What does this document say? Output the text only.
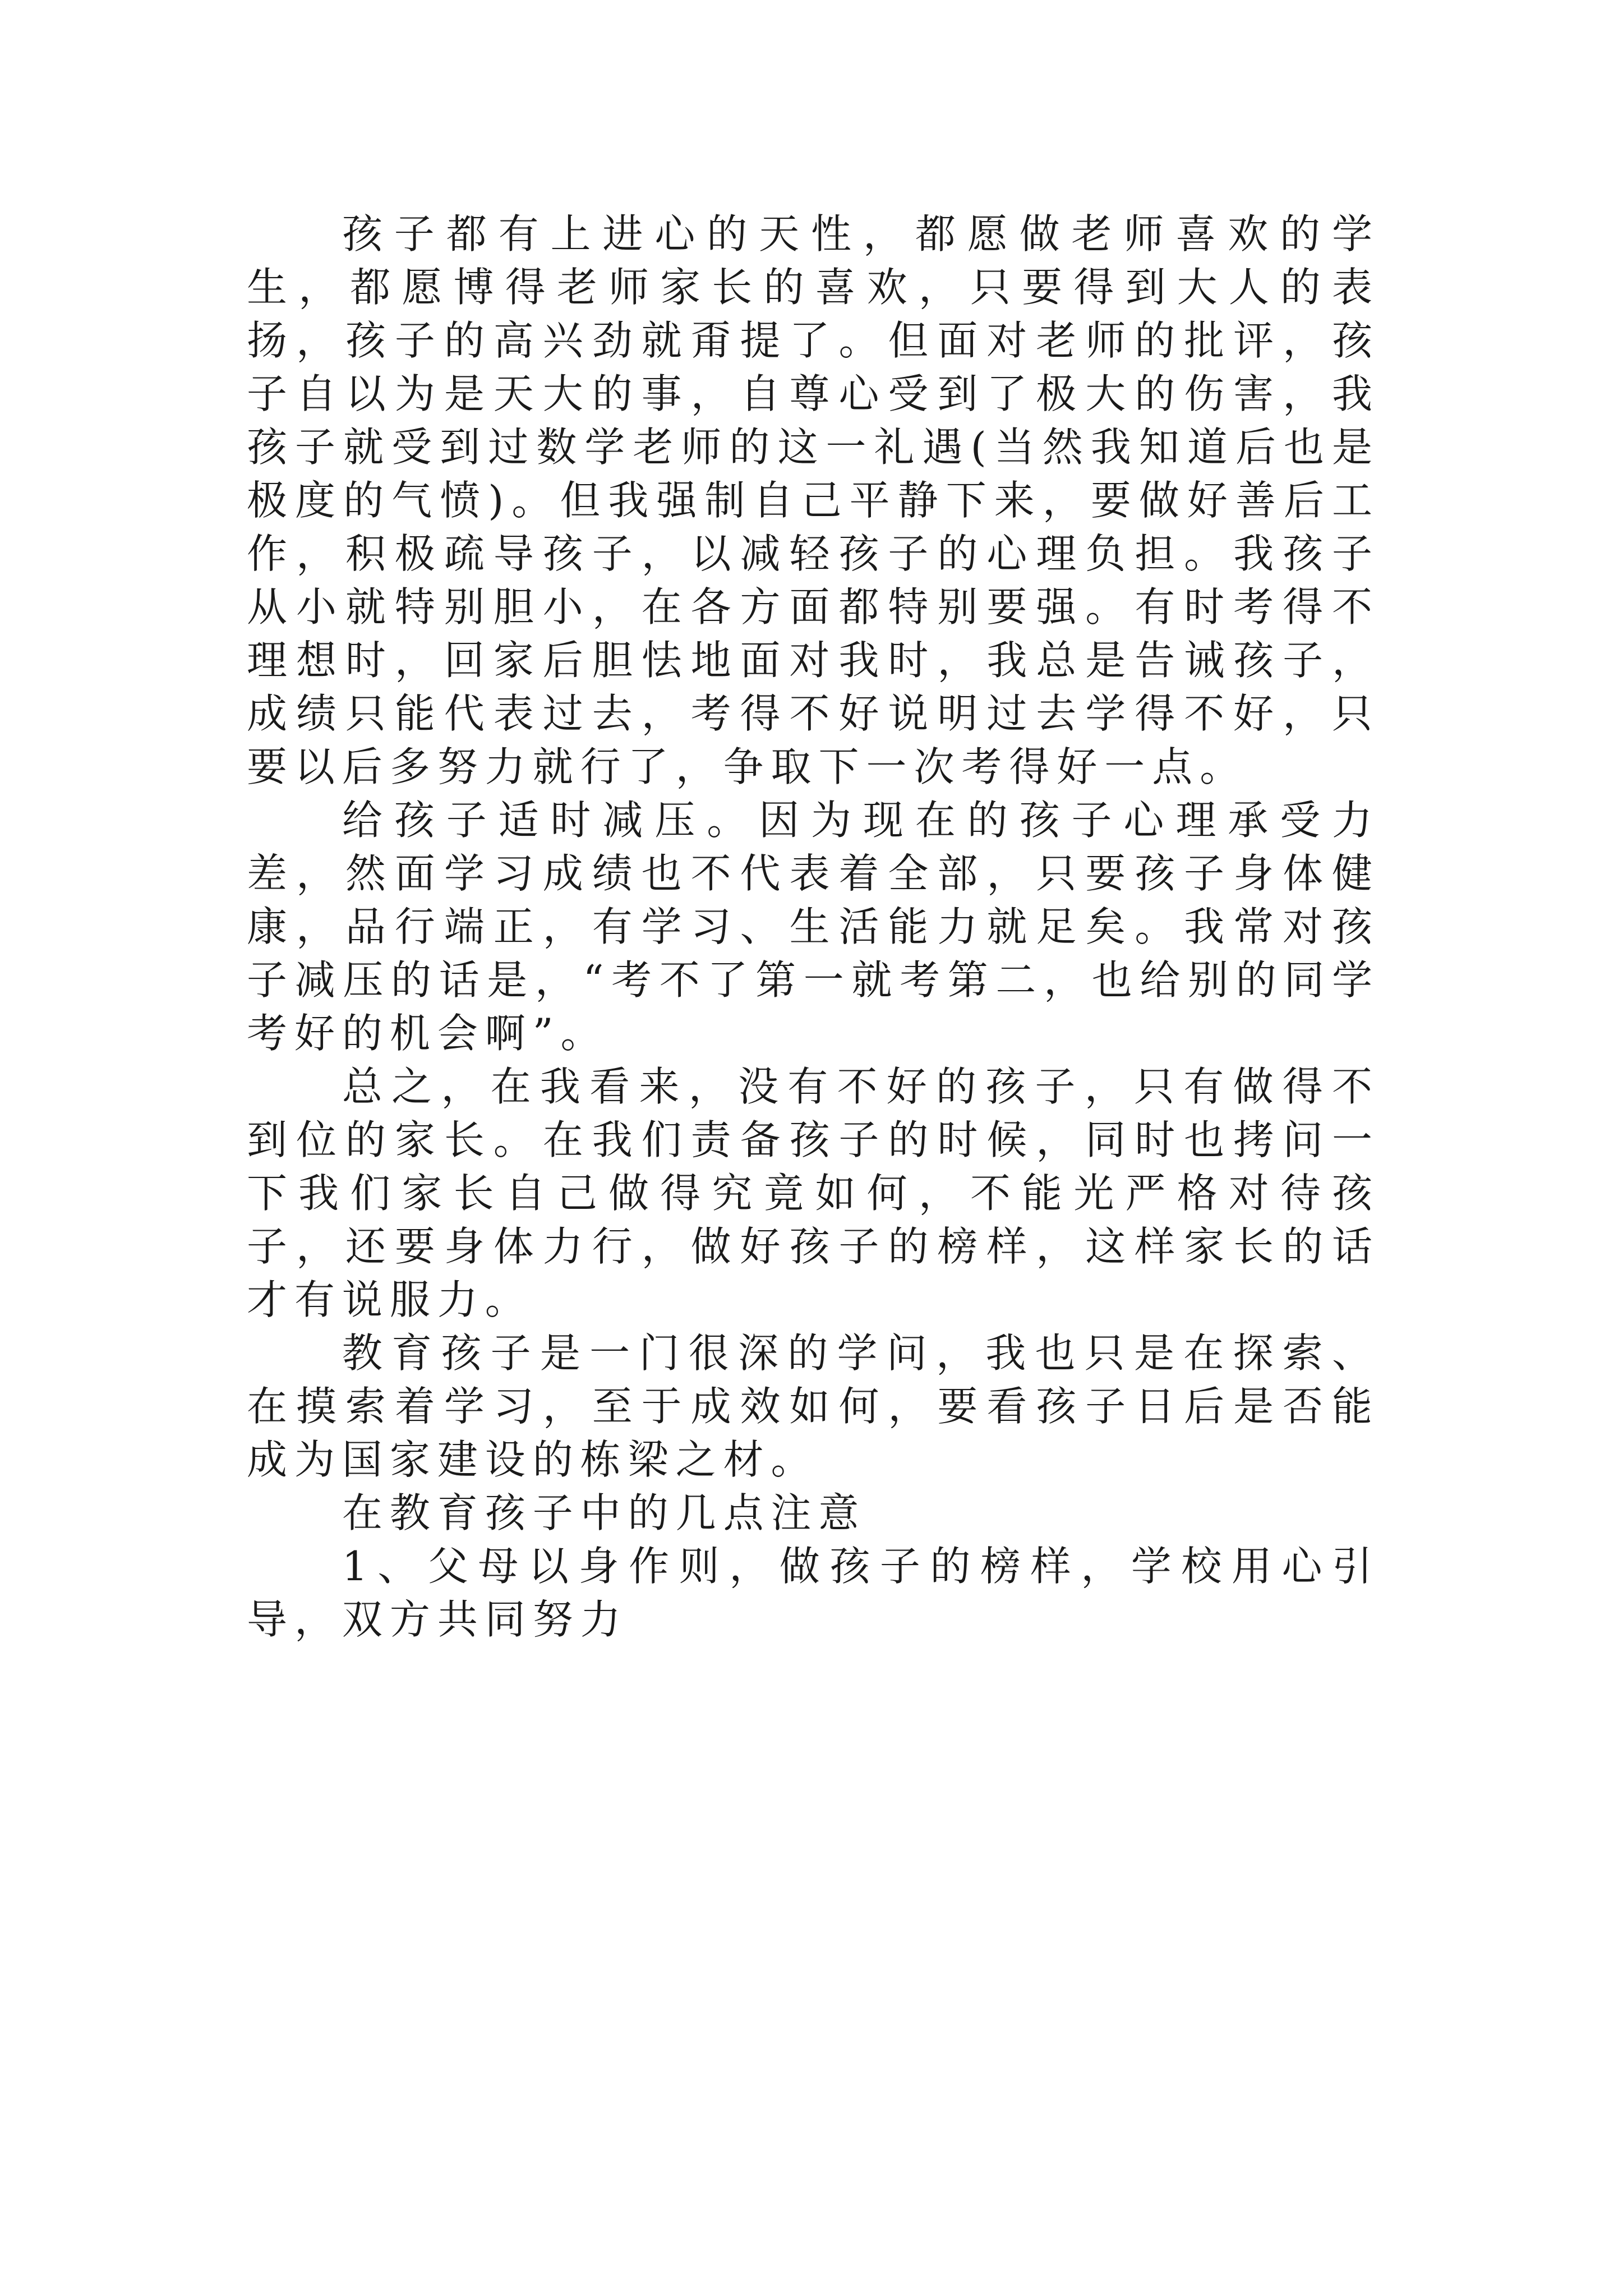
孩子都有上进心的天性，都愿做老师喜欢的学生，都愿博得老师家长的喜欢，只要得到大人的表扬，孩子的高兴劲就甭提了。但面对老师的批评，孩子自以为是天大的事，自尊心受到了极大的伤害，我孩子就受到过数学老师的这一礼遇(当然我知道后也是极度的气愤)。但我强制自己平静下来，要做好善后工作，积极疏导孩子，以减轻孩子的心理负担。我孩子从小就特别胆小，在各方面都特别要强。有时考得不理想时，回家后胆怯地面对我时，我总是告诫孩子，成绩只能代表过去，考得不好说明过去学得不好，只要以后多努力就行了，争取下一次考得好一点。

给孩子适时减压。因为现在的孩子心理承受力差，然面学习成绩也不代表着全部，只要孩子身体健康，品行端正，有学习、生活能力就足矣。我常对孩子减压的话是，“考不了第一就考第二，也给别的同学考好的机会啊”。

总之，在我看来，没有不好的孩子，只有做得不到位的家长。在我们责备孩子的时候，同时也拷问一下我们家长自己做得究竟如何，不能光严格对待孩子，还要身体力行，做好孩子的榜样，这样家长的话才有说服力。

教育孩子是一门很深的学问，我也只是在探索、在摸索着学习，至于成效如何，要看孩子日后是否能成为国家建设的栋梁之材。

在教育孩子中的几点注意

1、父母以身作则，做孩子的榜样，学校用心引导，双方共同努力
